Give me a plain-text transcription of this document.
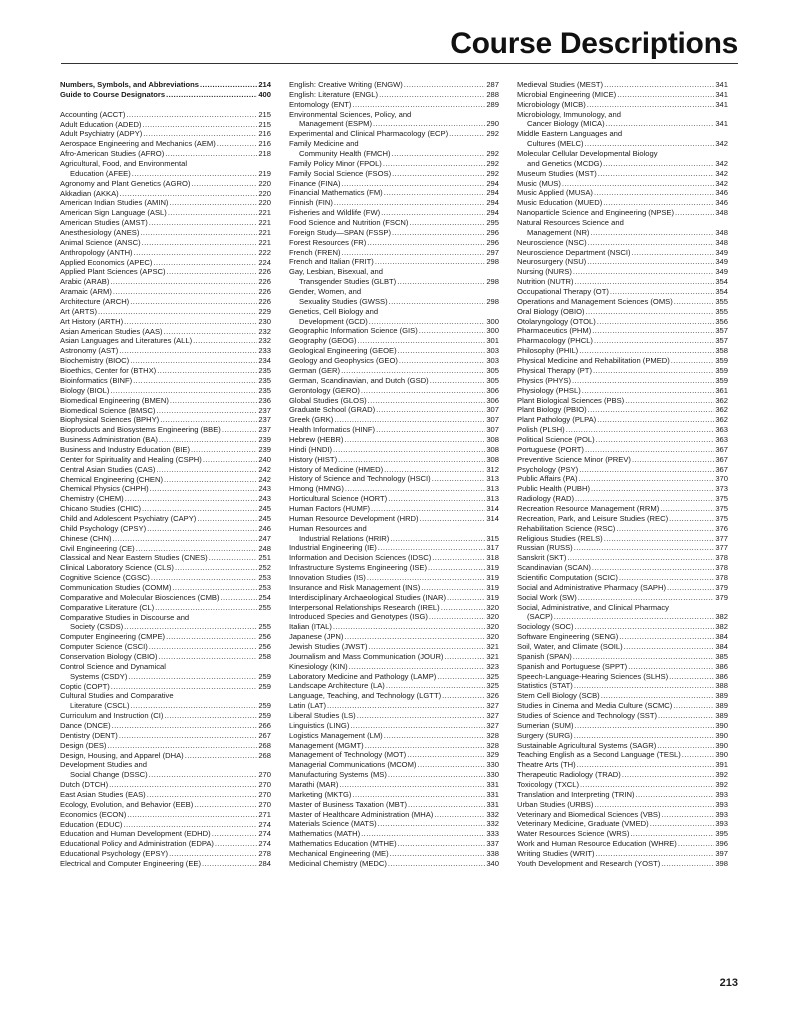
Course Descriptions
Numbers, Symbols, and Abbreviations .....	214
Guide to Course Designators .....	400
Accounting (ACCT) .....	215
Adult Education (ADED) .....	215
Adult Psychiatry (ADPY) .....	216
Aerospace Engineering and Mechanics (AEM) .....	216
Afro-American Studies (AFRO) .....	218
Agricultural, Food, and Environmental
Education (AFEE) .....	219
Agronomy and Plant Genetics (AGRO) .....	220
Akkadian (AKKA) .....	220
American Indian Studies (AMIN) .....	220
American Sign Language (ASL) .....	221
American Studies (AMST) .....	221
Anesthesiology (ANES) .....	221
Animal Science (ANSC) .....	221
Anthropology (ANTH) .....	222
Applied Economics (APEC) .....	224
Applied Plant Sciences (APSC) .....	226
Arabic (ARAB) .....	226
Aramaic (ARM) .....	226
Architecture (ARCH) .....	226
Art (ARTS) .....	229
Art History (ARTH) .....	230
Asian American Studies (AAS) .....	232
Asian Languages and Literatures (ALL) .....	232
Astronomy (AST) .....	233
Biochemistry (BIOC) .....	234
Bioethics, Center for (BTHX) .....	235
Bioinformatics (BINF) .....	235
Biology (BIOL) .....	235
Biomedical Engineering (BMEN) .....	236
Biomedical Science (BMSC) .....	237
Biophysical Sciences (BPHY) .....	237
Bioproducts and Biosystems Engineering (BBE) .....	237
Business Administration (BA) .....	239
Business and Industry Education (BIE) .....	239
Center for Spirituality and Healing (CSPH) .....	240
Central Asian Studies (CAS) .....	242
Chemical Engineering (CHEN) .....	242
Chemical Physics (CHPH) .....	243
Chemistry (CHEM) .....	243
Chicano Studies (CHIC) .....	245
Child and Adolescent Psychiatry (CAPY) .....	245
Child Psychology (CPSY) .....	246
Chinese (CHN) .....	247
Civil Engineering (CE) .....	248
Classical and Near Eastern Studies (CNES) .....	251
Clinical Laboratory Science (CLS) .....	252
Cognitive Science (CGSC) .....	253
Communication Studies (COMM) .....	253
Comparative and Molecular Biosciences (CMB) .....	254
Comparative Literature (CL) .....	255
Comparative Studies in Discourse and
Society (CSDS) .....	255
Computer Engineering (CMPE) .....	256
Computer Science (CSCI) .....	256
Conservation Biology (CBIO) .....	258
Control Science and Dynamical
Systems (CSDY) .....	259
Coptic (COPT) .....	259
Cultural Studies and Comparative
Literature (CSCL) .....	259
Curriculum and Instruction (CI) .....	259
Dance (DNCE) .....	266
Dentistry (DENT) .....	267
Design (DES) .....	268
Design, Housing, and Apparel (DHA) .....	268
Development Studies and
Social Change (DSSC) .....	270
Dutch (DTCH) .....	270
East Asian Studies (EAS) .....	270
Ecology, Evolution, and Behavior (EEB) .....	270
Economics (ECON) .....	271
Education (EDUC) .....	274
Education and Human Development (EDHD) .....	274
Educational Policy and Administration (EDPA) .....	274
Educational Psychology (EPSY) .....	278
Electrical and Computer Engineering (EE) .....	284
English: Creative Writing (ENGW) .....	287
English: Literature (ENGL) .....	288
Entomology (ENT) .....	289
Environmental Sciences, Policy, and
Management (ESPM) .....	290
Experimental and Clinical Pharmacology (ECP) .....	292
Family Medicine and
Community Health (FMCH) .....	292
Family Policy Minor (FPOL) .....	292
Family Social Science (FSOS) .....	292
Finance (FINA) .....	294
Financial Mathematics (FM) .....	294
Finnish (FIN) .....	294
Fisheries and Wildlife (FW) .....	294
Food Science and Nutrition (FSCN) .....	295
Foreign Study—SPAN (FSSP) .....	296
Forest Resources (FR) .....	296
French (FREN) .....	297
French and Italian (FRIT) .....	298
Gay, Lesbian, Bisexual, and
Transgender Studies (GLBT) .....	298
Gender, Women, and
Sexuality Studies (GWSS) .....	298
Genetics, Cell Biology and
Development (GCD) .....	300
Geographic Information Science (GIS) .....	300
Geography (GEOG) .....	301
Geological Engineering (GEOE) .....	303
Geology and Geophysics (GEO) .....	303
German (GER) .....	305
German, Scandinavian, and Dutch (GSD) .....	305
Gerontology (GERO) .....	306
Global Studies (GLOS) .....	306
Graduate School (GRAD) .....	307
Greek (GRK) .....	307
Health Informatics (HINF) .....	307
Hebrew (HEBR) .....	308
Hindi (HNDI) .....	308
History (HIST) .....	308
History of Medicine (HMED) .....	312
History of Science and Technology (HSCI) .....	313
Hmong (HMNG) .....	313
Horticultural Science (HORT) .....	313
Human Factors (HUMF) .....	314
Human Resource Development (HRD) .....	314
Human Resources and
Industrial Relations (HRIR) .....	315
Industrial Engineering (IE) .....	317
Information and Decision Sciences (IDSC) .....	318
Infrastructure Systems Engineering (ISE) .....	319
Innovation Studies (IS) .....	319
Insurance and Risk Management (INS) .....	319
Interdisciplinary Archaeological Studies (INAR) .....	319
Interpersonal Relationships Research (IREL) .....	320
Introduced Species and Genotypes (ISG) .....	320
Italian (ITAL) .....	320
Japanese (JPN) .....	320
Jewish Studies (JWST) .....	321
Journalism and Mass Communication (JOUR) .....	321
Kinesiology (KIN) .....	323
Laboratory Medicine and Pathology (LAMP) .....	325
Landscape Architecture (LA) .....	325
Language, Teaching, and Technology (LGTT) .....	326
Latin (LAT) .....	327
Liberal Studies (LS) .....	327
Linguistics (LING) .....	327
Logistics Management (LM) .....	328
Management (MGMT) .....	328
Management of Technology (MOT) .....	329
Managerial Communications (MCOM) .....	330
Manufacturing Systems (MS) .....	330
Marathi (MAR) .....	331
Marketing (MKTG) .....	331
Master of Business Taxation (MBT) .....	331
Master of Healthcare Administration (MHA) .....	332
Materials Science (MATS) .....	332
Mathematics (MATH) .....	333
Mathematics Education (MTHE) .....	337
Mechanical Engineering (ME) .....	338
Medicinal Chemistry (MEDC) .....	340
Medieval Studies (MEST) .....	341
Microbial Engineering (MICE) .....	341
Microbiology (MICB) .....	341
Microbiology, Immunology, and
Cancer Biology (MICA) .....	341
Middle Eastern Languages and
Cultures (MELC) .....	342
Molecular Cellular Developmental Biology
and Genetics (MCDG) .....	342
Museum Studies (MST) .....	342
Music (MUS) .....	342
Music Applied (MUSA) .....	346
Music Education (MUED) .....	346
Nanoparticle Science and Engineering (NPSE) .....	348
Natural Resources Science and
Management (NR) .....	348
Neuroscience (NSC) .....	348
Neuroscience Department (NSCI) .....	349
Neurosurgery (NSU) .....	349
Nursing (NURS) .....	349
Nutrition (NUTR) .....	354
Occupational Therapy (OT) .....	354
Operations and Management Sciences (OMS) .....	355
Oral Biology (OBIO) .....	355
Otolaryngology (OTOL) .....	356
Pharmaceutics (PHM) .....	357
Pharmacology (PHCL) .....	357
Philosophy (PHIL) .....	358
Physical Medicine and Rehabilitation (PMED) .....	359
Physical Therapy (PT) .....	359
Physics (PHYS) .....	359
Physiology (PHSL) .....	361
Plant Biological Sciences (PBS) .....	362
Plant Biology (PBIO) .....	362
Plant Pathology (PLPA) .....	362
Polish (PLSH) .....	363
Political Science (POL) .....	363
Portuguese (PORT) .....	367
Preventive Science Minor (PREV) .....	367
Psychology (PSY) .....	367
Public Affairs (PA) .....	370
Public Health (PUBH) .....	373
Radiology (RAD) .....	375
Recreation Resource Management (RRM) .....	375
Recreation, Park, and Leisure Studies (REC) .....	375
Rehabilitation Science (RSC) .....	376
Religious Studies (RELS) .....	377
Russian (RUSS) .....	377
Sanskrit (SKT) .....	378
Scandinavian (SCAN) .....	378
Scientific Computation (SCIC) .....	378
Social and Administrative Pharmacy (SAPH) .....	379
Social Work (SW) .....	379
Social, Administrative, and Clinical Pharmacy
(SACP) .....	382
Sociology (SOC) .....	382
Software Engineering (SENG) .....	384
Soil, Water, and Climate (SOIL) .....	384
Spanish (SPAN) .....	385
Spanish and Portuguese (SPPT) .....	386
Speech-Language-Hearing Sciences (SLHS) .....	386
Statistics (STAT) .....	388
Stem Cell Biology (SCB) .....	389
Studies in Cinema and Media Culture (SCMC) .....	389
Studies of Science and Technology (SST) .....	389
Sumerian (SUM) .....	390
Surgery (SURG) .....	390
Sustainable Agricultural Systems (SAGR) .....	390
Teaching English as a Second Language (TESL) .....	390
Theatre Arts (TH) .....	391
Therapeutic Radiology (TRAD) .....	392
Toxicology (TXCL) .....	392
Translation and Interpreting (TRIN) .....	393
Urban Studies (URBS) .....	393
Veterinary and Biomedical Sciences (VBS) .....	393
Veterinary Medicine, Graduate (VMED) .....	393
Water Resources Science (WRS) .....	395
Work and Human Resource Education (WHRE) .....	396
Writing Studies (WRIT) .....	397
Youth Development and Research (YOST) .....	398
213
